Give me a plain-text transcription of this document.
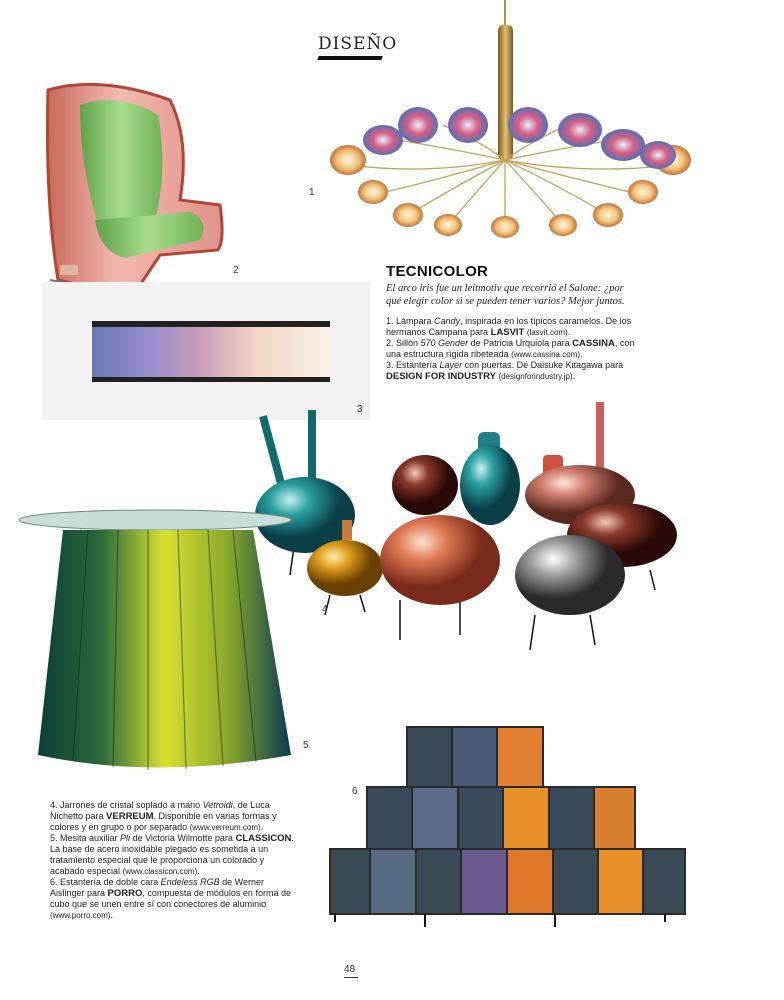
DISEÑO
1
2
3
TECNICOLOR
El arco iris fue un leitmotiv que recorrió el Salone: ¿por qué elegir color si se pueden tener varios? Mejor juntos.

1. Lámpara Candy, inspirada en los típicos caramelos. De los hermanos Campana para LASVIT (lasvit.com).

2. Sillón 570 Gender de Patricia Urquiola para CASSINA, con una estructura rígida ribeteada (www.cassina.com).

3. Estantería Layer con puertas. De Daisuke Kitagawa para DESIGN FOR INDUSTRY (designforindustry.jp).

4
5
6

4. Jarrones de cristal soplado a mano Vetroidi, de Luca Nichetto para VERREUM. Disponible en varias formas y colores y en grupo o por separado (www.verreum.com).

5. Mesita auxiliar Pli de Victoria Wilmotte para CLASSICON. La base de acero inoxidable plegado es sometida a un tratamiento especial que le proporciona un colorado y acabado especial (www.classicon.com).

6. Estantería de doble cara Endeless RGB de Werner Aislinger para PORRO, compuesta de módulos en forma de cubo que se unen entre sí con conectores de aluminio (www.porro.com).

48
